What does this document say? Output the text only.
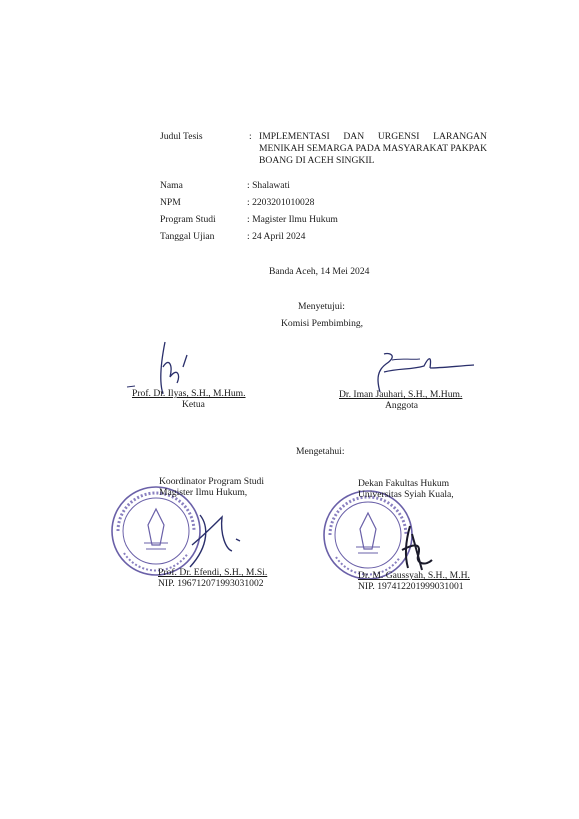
Judul Tesis	: IMPLEMENTASI DAN URGENSI LARANGAN MENIKAH SEMARGA PADA MASYARAKAT PAKPAK BOANG DI ACEH SINGKIL
Nama	: Shalawati
NPM	: 2203201010028
Program Studi	: Magister Ilmu Hukum
Tanggal Ujian	: 24 April 2024
Banda Aceh, 14 Mei 2024
Menyetujui:
Komisi Pembimbing,
Prof. Dr. Ilyas, S.H., M.Hum.
Ketua
Dr. Iman Jauhari, S.H., M.Hum.
Anggota
Mengetahui:
Koordinator Program Studi
Magister Ilmu Hukum,
Prof. Dr. Efendi, S.H., M.Si.
NIP. 196712071993031002
Dekan Fakultas Hukum
Universitas Syiah Kuala,
Dr. M. Gaussyah, S.H., M.H.
NIP. 197412201999031001
